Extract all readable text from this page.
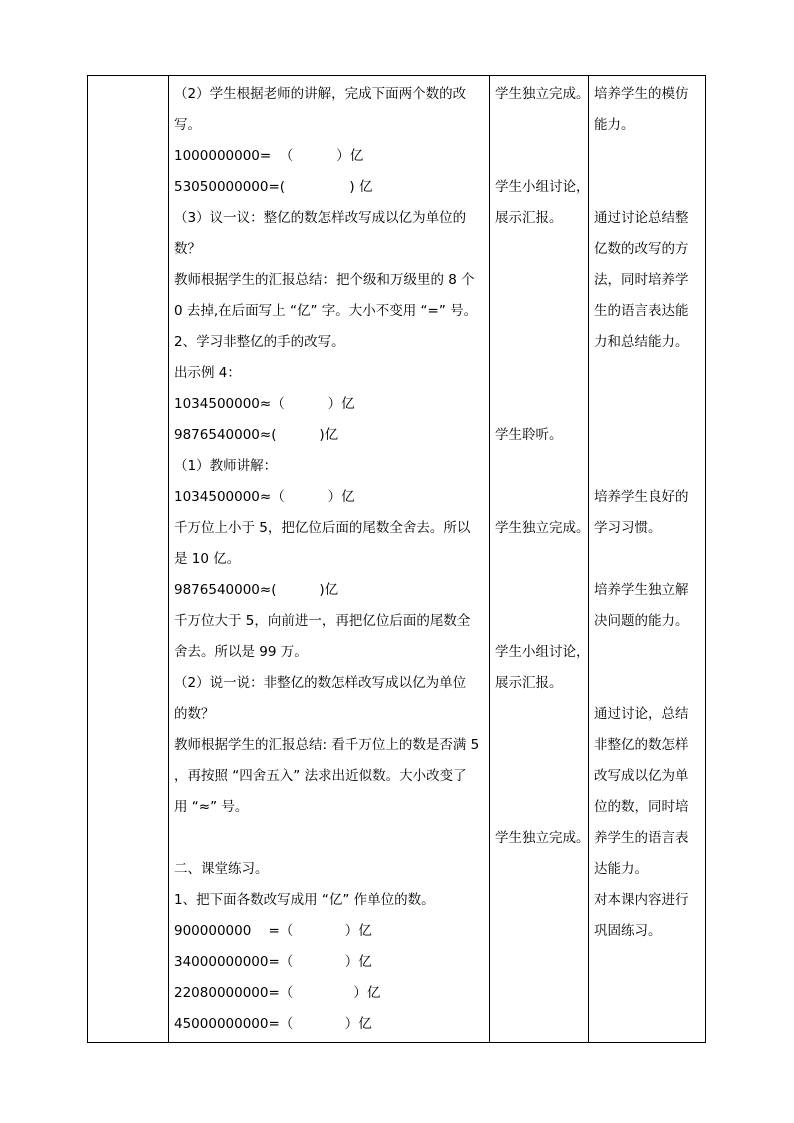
（2）学生根据老师的讲解，完成下面两个数的改
写。
1000000000=  （          ）亿
53050000000=(               ) 亿
（3）议一议：整亿的数怎样改写成以亿为单位的
数？
教师根据学生的汇报总结：把个级和万级里的 8 个
0 去掉,在后面写上 “亿” 字。大小不变用 “=” 号。
2、学习非整亿的手的改写。
出示例 4：
1034500000≈（          ）亿
9876540000≈(          )亿
（1）教师讲解：
1034500000≈（          ）亿
千万位上小于 5，把亿位后面的尾数全舍去。所以
是 10 亿。
9876540000≈(          )亿
千万位大于 5，向前进一，再把亿位后面的尾数全
舍去。所以是 99 万。
（2）说一说：非整亿的数怎样改写成以亿为单位
的数？
教师根据学生的汇报总结: 看千万位上的数是否满 5
，再按照 “四舍五入” 法求出近似数。大小改变了
用 “≈” 号。
二、课堂练习。
1、把下面各数改写成用 “亿” 作单位的数。
900000000    =（            ）亿
34000000000=（            ）亿
22080000000=（              ）亿
45000000000=（            ）亿
学生独立完成。
学生小组讨论，
展示汇报。
学生聆听。
学生独立完成。
学生小组讨论，
展示汇报。
学生独立完成。
培养学生的模仿
能力。
通过讨论总结整
亿数的改写的方
法，同时培养学
生的语言表达能
力和总结能力。
培养学生良好的
学习习惯。
培养学生独立解
决问题的能力。
通过讨论，总结
非整亿的数怎样
改写成以亿为单
位的数，同时培
养学生的语言表
达能力。
对本课内容进行
巩固练习。
